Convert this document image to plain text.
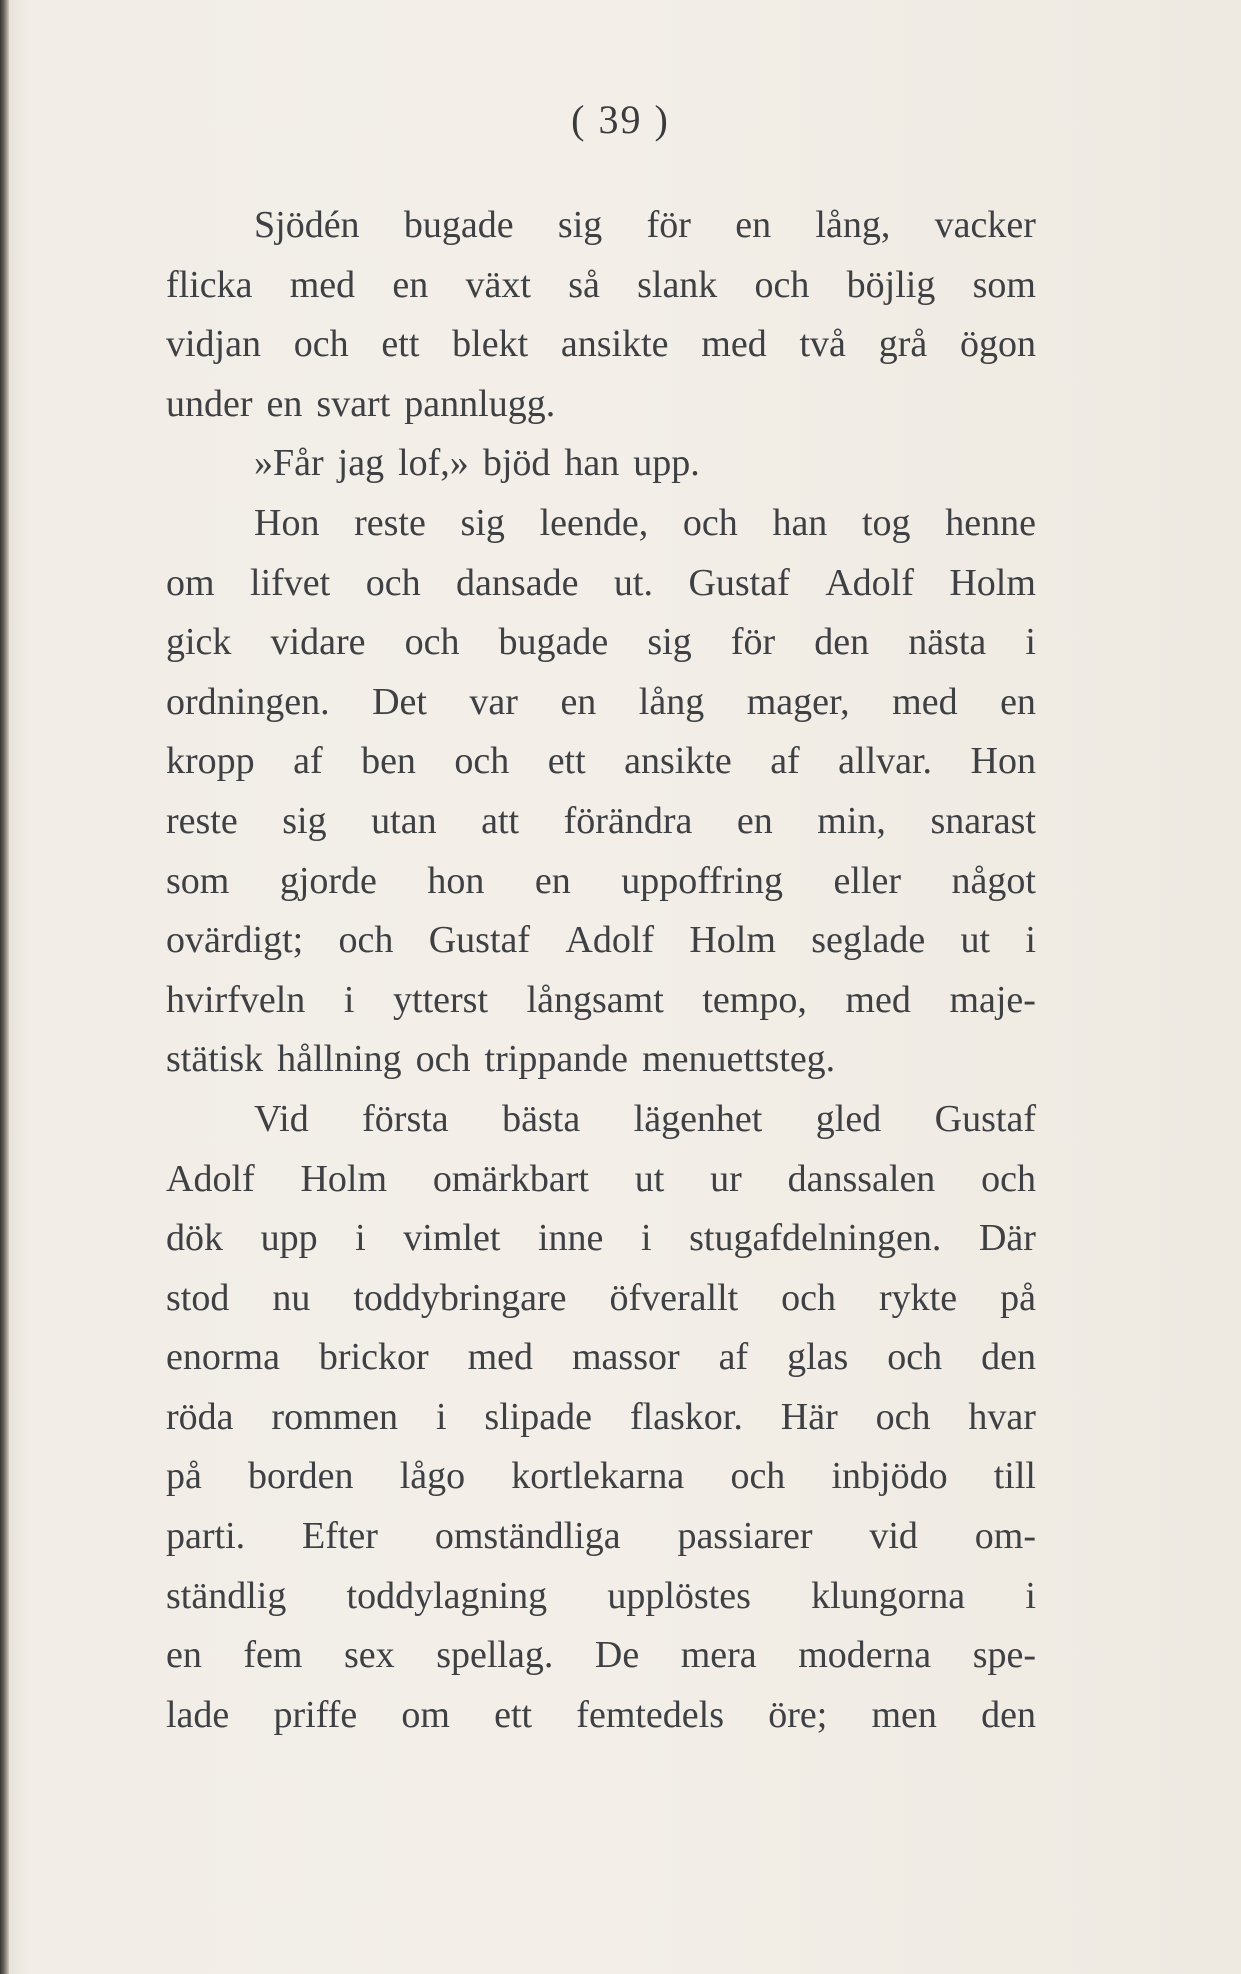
( 39 )
Sjödén bugade sig för en lång, vacker
flicka med en växt så slank och böjlig som
vidjan och ett blekt ansikte med två grå ögon
under en svart pannlugg.
»Får jag lof,» bjöd han upp.
Hon reste sig leende, och han tog henne
om lifvet och dansade ut. Gustaf Adolf Holm
gick vidare och bugade sig för den nästa i
ordningen. Det var en lång mager, med en
kropp af ben och ett ansikte af allvar. Hon
reste sig utan att förändra en min, snarast
som gjorde hon en uppoffring eller något
ovärdigt; och Gustaf Adolf Holm seglade ut i
hvirfveln i ytterst långsamt tempo, med maje-
stätisk hållning och trippande menuettsteg.
Vid första bästa lägenhet gled Gustaf
Adolf Holm omärkbart ut ur danssalen och
dök upp i vimlet inne i stugafdelningen. Där
stod nu toddybringare öfverallt och rykte på
enorma brickor med massor af glas och den
röda rommen i slipade flaskor. Här och hvar
på borden lågo kortlekarna och inbjödo till
parti. Efter omständliga passiarer vid om-
ständlig toddylagning upplöstes klungorna i
en fem sex spellag. De mera moderna spe-
lade priffe om ett femtedels öre; men den
